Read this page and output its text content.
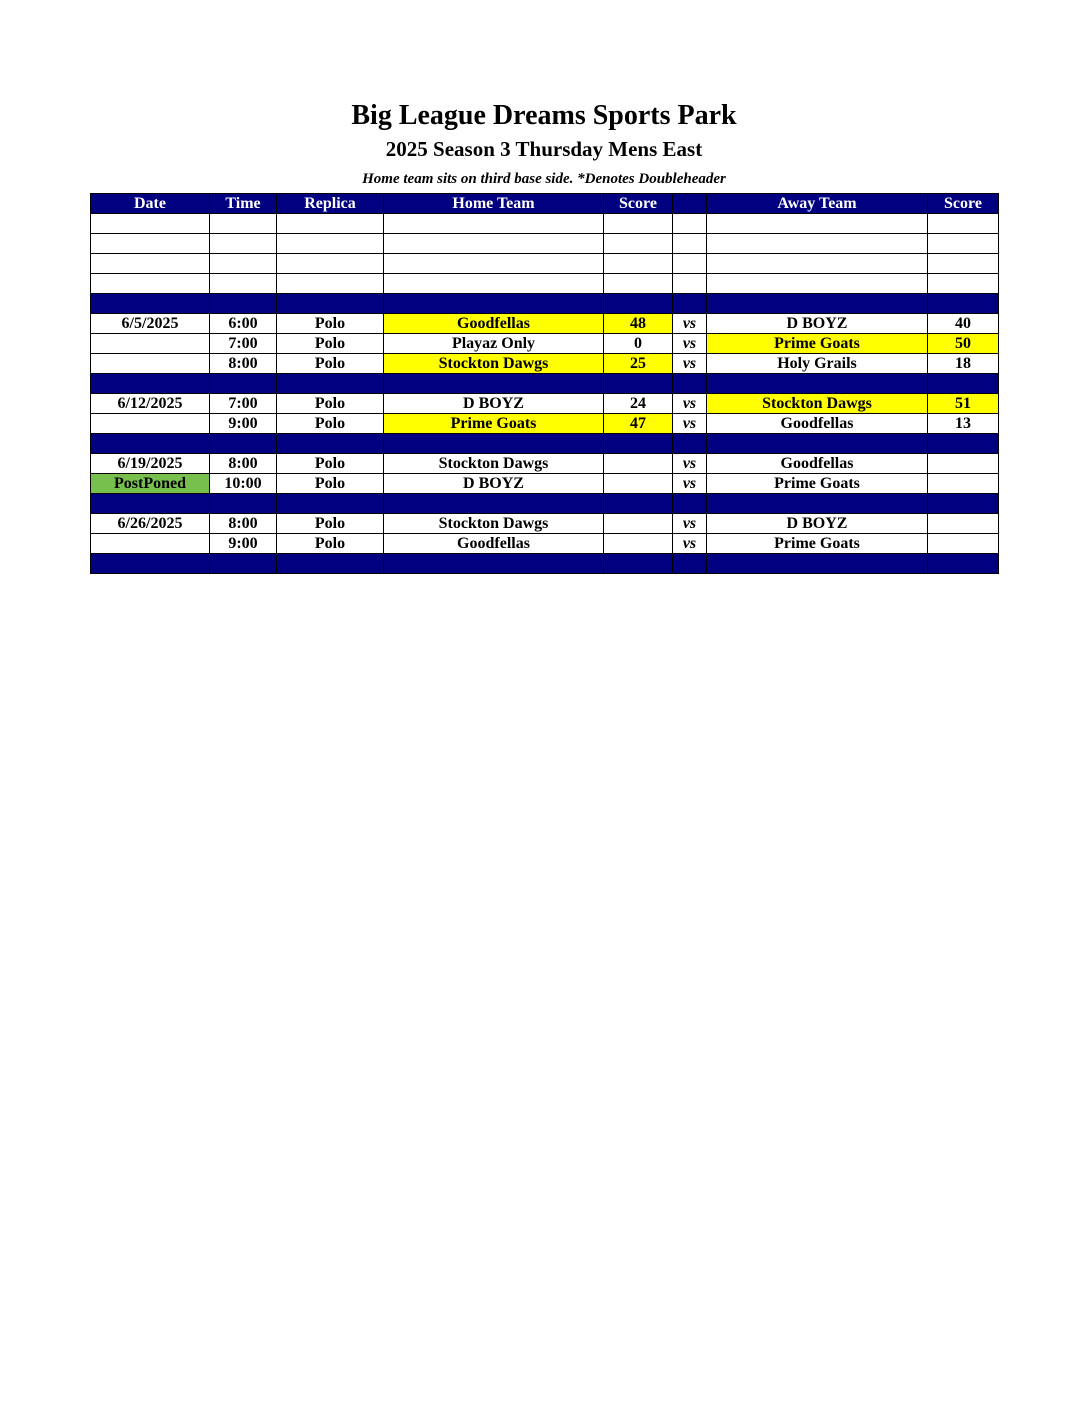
Big League Dreams Sports Park
2025 Season 3 Thursday Mens East
Home team sits on third base side. *Denotes Doubleheader
Date	Time	Replica	Home Team	Score		Away Team	Score

6/5/2025	6:00	Polo	Goodfellas	48	vs	D BOYZ	40
	7:00	Polo	Playaz Only	0	vs	Prime Goats	50
	8:00	Polo	Stockton Dawgs	25	vs	Holy Grails	18

6/12/2025	7:00	Polo	D BOYZ	24	vs	Stockton Dawgs	51
	9:00	Polo	Prime Goats	47	vs	Goodfellas	13

6/19/2025	8:00	Polo	Stockton Dawgs		vs	Goodfellas	
PostPoned	10:00	Polo	D BOYZ		vs	Prime Goats	

6/26/2025	8:00	Polo	Stockton Dawgs		vs	D BOYZ	
	9:00	Polo	Goodfellas		vs	Prime Goats	
